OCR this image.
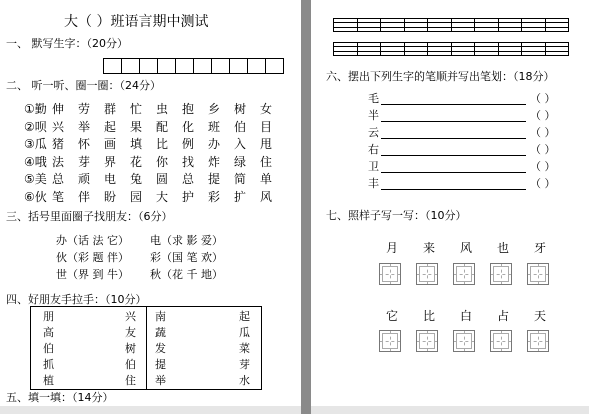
大（ ）班语言期中测试
一、 默写生字：（20分）
二、 听一听、圈一圈：（24分）
①勤 伸	劳	群	忙	虫	抱	乡	树	女
②呗 兴	举	起	果	配	化	班	伯	目
③瓜 猪	怀	画	填	比	例	办	入	甩
④哦 法	芽	界	花	你	找	炸	绿	住
⑤美 总	顽	电	兔	圆	总	提	简	单
⑥伙 笔	伴	盼	园	大	护	彩	扩	风
三、括号里面圈子找朋友：（6分）
办（话 法 它） 电（求 影 爱）
伙（彩 题 伴） 彩（国 笔 欢）
世（界 到 牛） 秋（花 千 地）
四、好朋友手拉手：（10分）
朋	兴 南	起
高	友 蔬	瓜
伯	树 发	菜
抓	伯 提	芽
植	住 举	水
五、填一填：（14分）
六、摆出下列生字的笔顺并写出笔划：（18分）
毛	（ ）
半	（ ）
云	（ ）
右	（ ）
卫	（ ）
丰	（ ）
七、照样子写一写：（10分）
月 来 风 也 牙
它 比 白 占 天
